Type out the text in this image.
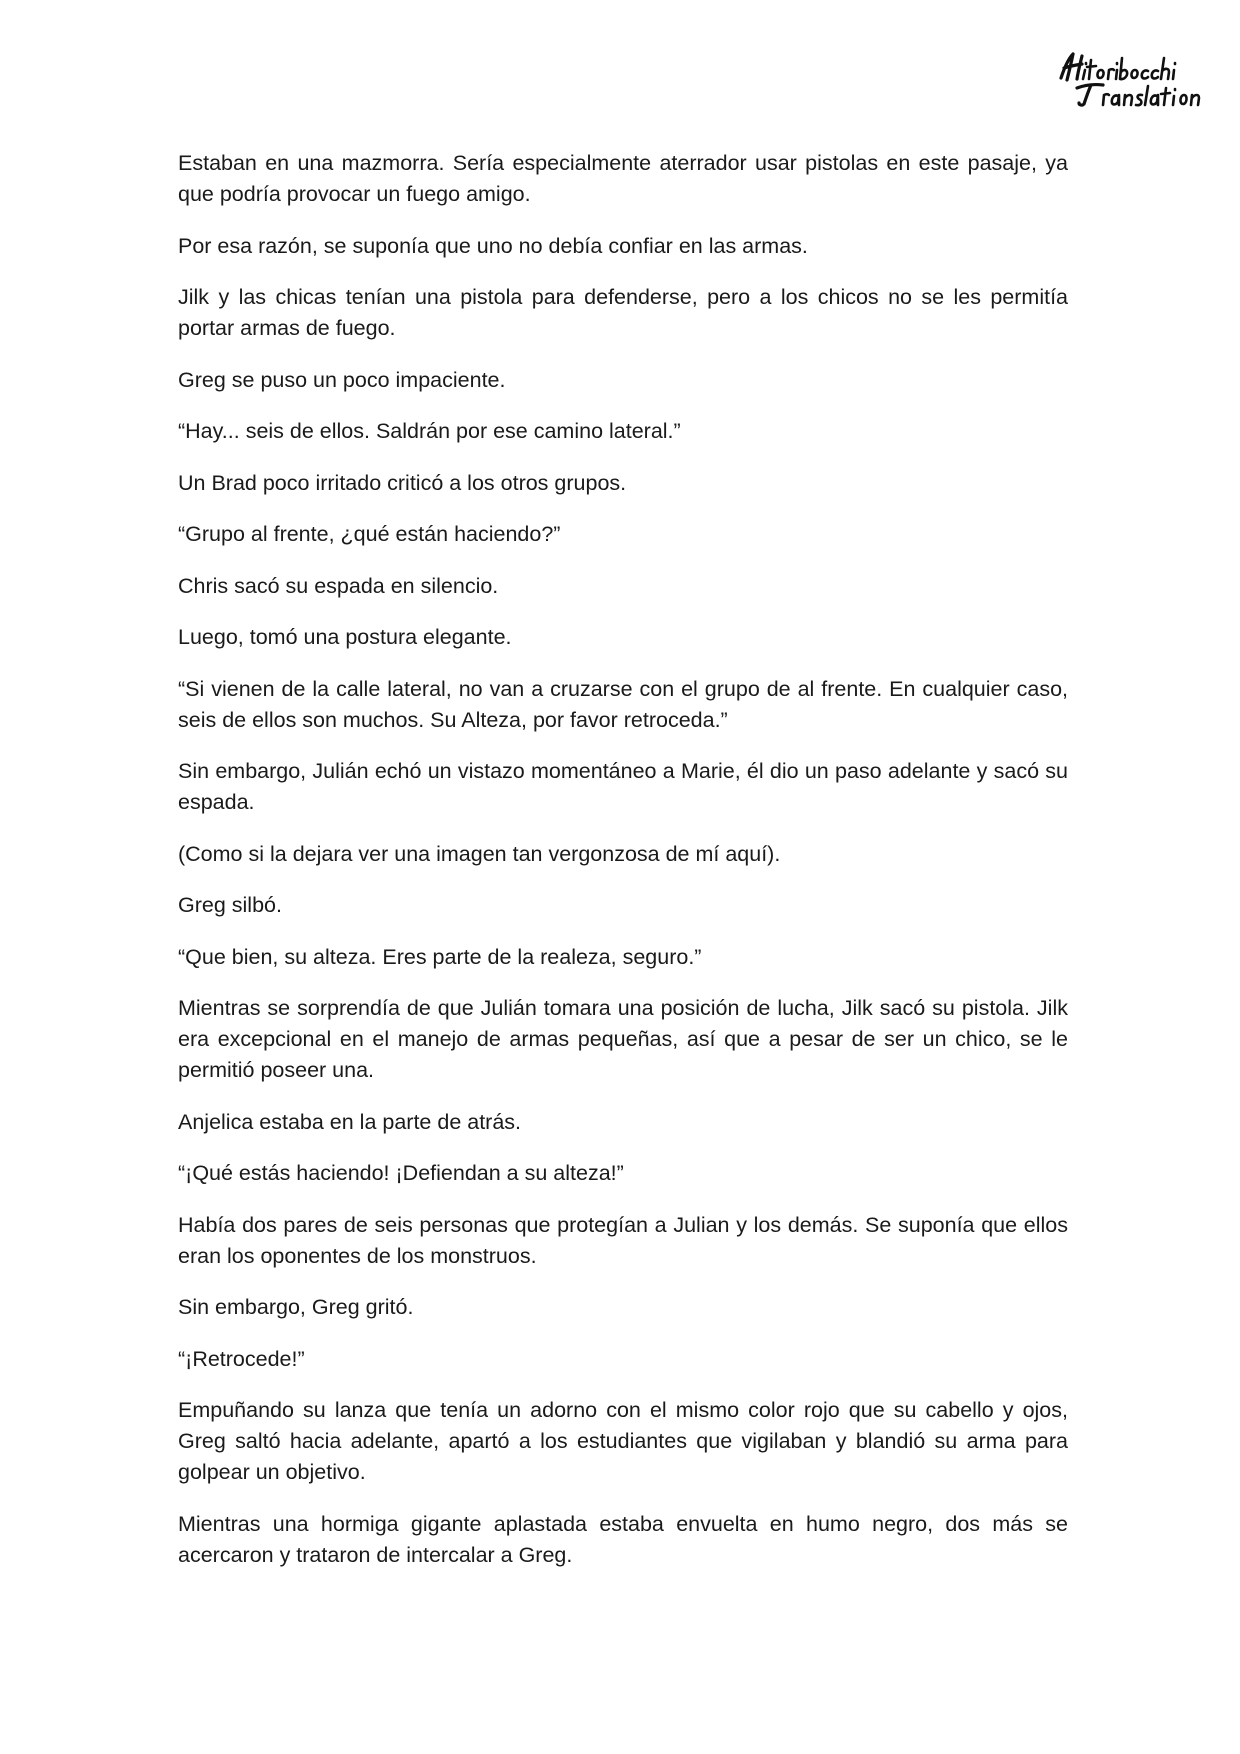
Estaban en una mazmorra. Sería especialmente aterrador usar pistolas en este pasaje, ya que podría provocar un fuego amigo.

Por esa razón, se suponía que uno no debía confiar en las armas.

Jilk y las chicas tenían una pistola para defenderse, pero a los chicos no se les permitía portar armas de fuego.

Greg se puso un poco impaciente.

“Hay... seis de ellos. Saldrán por ese camino lateral.”

Un Brad poco irritado criticó a los otros grupos.

“Grupo al frente, ¿qué están haciendo?”

Chris sacó su espada en silencio.

Luego, tomó una postura elegante.

“Si vienen de la calle lateral, no van a cruzarse con el grupo de al frente. En cualquier caso, seis de ellos son muchos. Su Alteza, por favor retroceda.”

Sin embargo, Julián echó un vistazo momentáneo a Marie, él dio un paso adelante y sacó su espada.

(Como si la dejara ver una imagen tan vergonzosa de mí aquí).

Greg silbó.

“Que bien, su alteza. Eres parte de la realeza, seguro.”

Mientras se sorprendía de que Julián tomara una posición de lucha, Jilk sacó su pistola. Jilk era excepcional en el manejo de armas pequeñas, así que a pesar de ser un chico, se le permitió poseer una.

Anjelica estaba en la parte de atrás.

“¡Qué estás haciendo! ¡Defiendan a su alteza!”

Había dos pares de seis personas que protegían a Julian y los demás. Se suponía que ellos eran los oponentes de los monstruos.

Sin embargo, Greg gritó.

“¡Retrocede!”

Empuñando su lanza que tenía un adorno con el mismo color rojo que su cabello y ojos, Greg saltó hacia adelante, apartó a los estudiantes que vigilaban y blandió su arma para golpear un objetivo.

Mientras una hormiga gigante aplastada estaba envuelta en humo negro, dos más se acercaron y trataron de intercalar a Greg.
